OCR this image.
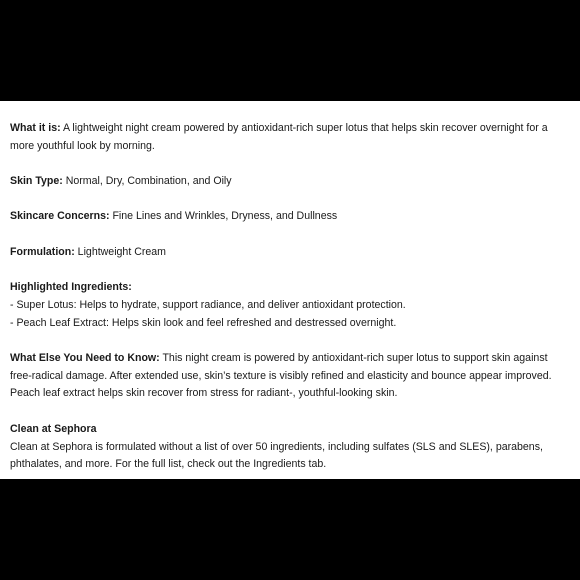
What it is: A lightweight night cream powered by antioxidant-rich super lotus that helps skin recover overnight for a more youthful look by morning.

Skin Type: Normal, Dry, Combination, and Oily

Skincare Concerns: Fine Lines and Wrinkles, Dryness, and Dullness

Formulation: Lightweight Cream

Highlighted Ingredients:
- Super Lotus: Helps to hydrate, support radiance, and deliver antioxidant protection.
- Peach Leaf Extract: Helps skin look and feel refreshed and destressed overnight.

What Else You Need to Know: This night cream is powered by antioxidant-rich super lotus to support skin against free-radical damage. After extended use, skin’s texture is visibly refined and elasticity and bounce appear improved. Peach leaf extract helps skin recover from stress for radiant-, youthful-looking skin.

Clean at Sephora
Clean at Sephora is formulated without a list of over 50 ingredients, including sulfates (SLS and SLES), parabens, phthalates, and more. For the full list, check out the Ingredients tab.
